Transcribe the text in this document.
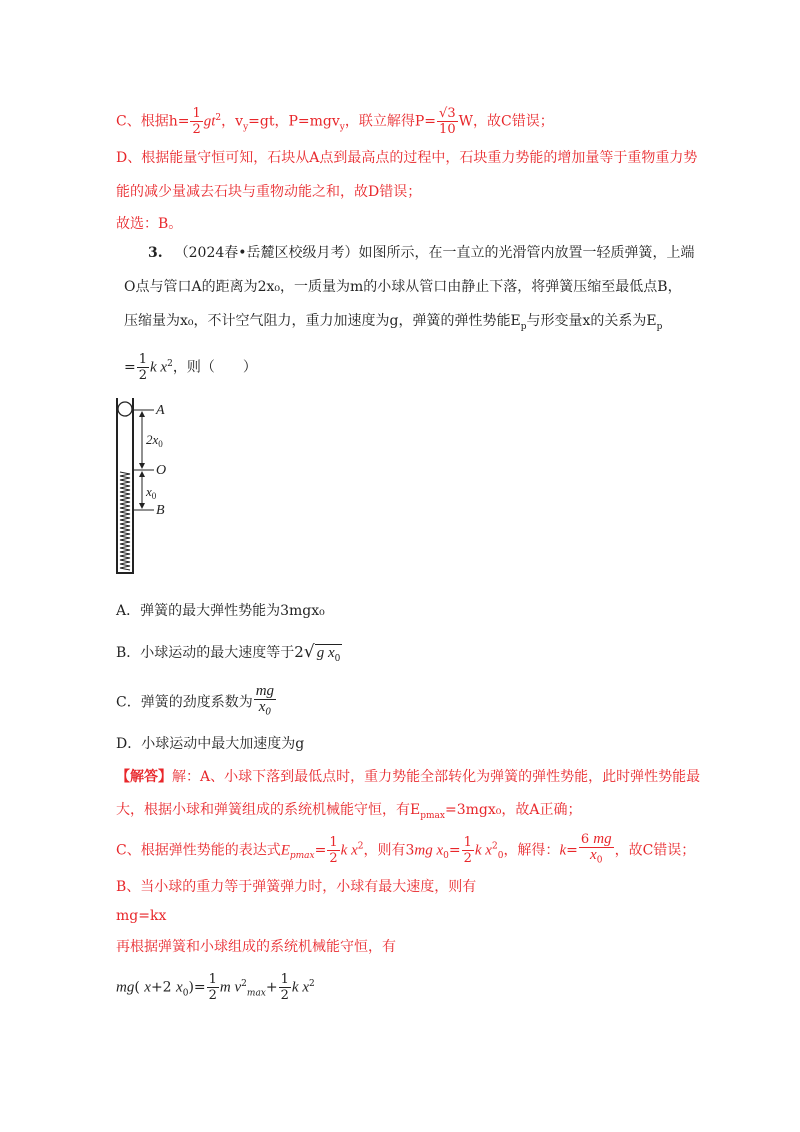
C、根据$h= \frac{1}{2} gt^2$，$v_y=gt$，P=mgv$_y$，联立解得$P= \frac{√3}{10}$ W，故C错误；
D、根据能量守恒可知，石块从A点到最高点的过程中，石块重力势能的增加量等于重物重力势
能的减少量减去石块与重物动能之和，故D错误；
故选：B。
3. （2024春•岳麓区校级月考）如图所示，在一直立的光滑管内放置一轻质弹簧，上端
O点与管口A的距离为2x₀，一质量为m的小球从管口由静止下落，将弹簧压缩至最低点B，
压缩量为x₀，不计空气阻力，重力加速度为g，弹簧的弹性势能$E_p$与形变量x的关系为$E_p$
= $\frac{1}{2}$ k $x^2$，则（　　）
A
O
B
$2x_0$
$x_0$
A．弹簧的最大弹性势能为3mgx₀
B．小球运动的最大速度等于2√ g $x_0$
C．弹簧的劲度系数为 $\frac{mg}{x_0}$
D．小球运动中最大加速度为g
【解答】解：A、小球下落到最低点时，重力势能全部转化为弹簧的弹性势能，此时弹性势能最
大，根据小球和弹簧组成的系统机械能守恒，有$E_{pmax}=3mgx_0$，故A正确；
C、根据弹性势能的表达式$E_{pmax}= \frac{1}{2}$ k $x^2$，则有3mg $x_0= \frac{1}{2}$ k $x^2_0$，解得：$k= \frac{6 mg}{x_0}$ ，故C错误；
B、当小球的重力等于弹簧弹力时，小球有最大速度，则有
mg=kx
再根据弹簧和小球组成的系统机械能守恒，有
mg( x+2 $x_0)= \frac{1}{2}$ m $v^2_{max}+ \frac{1}{2}$ k $x^2$
